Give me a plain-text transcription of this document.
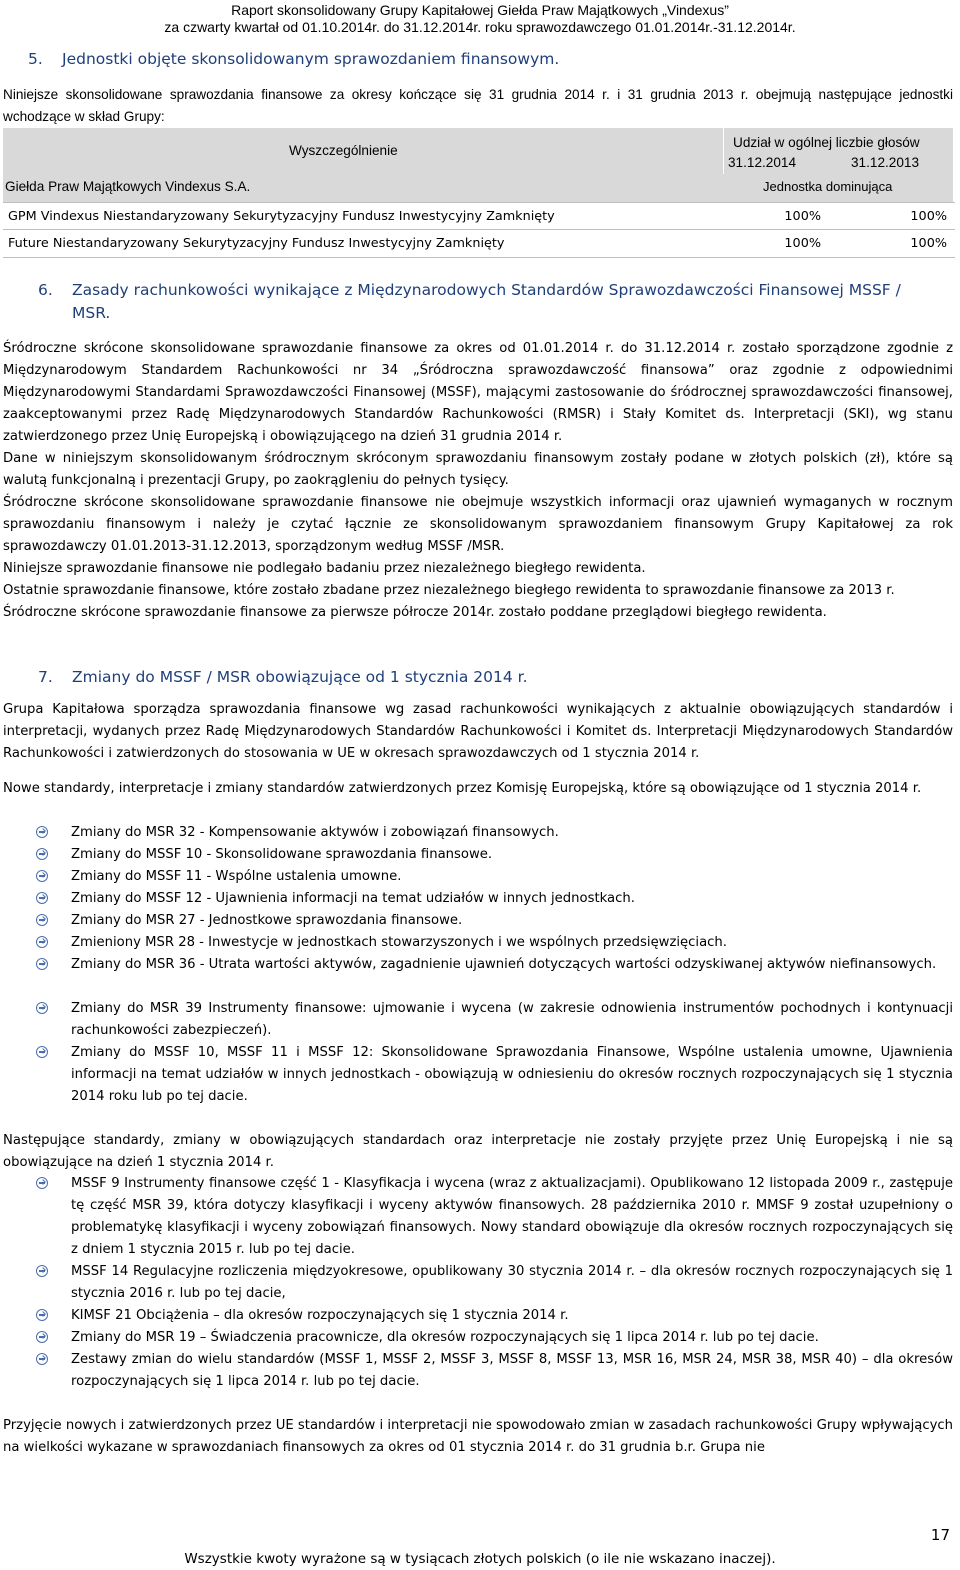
Raport skonsolidowany Grupy Kapitałowej Giełda Praw Majątkowych „Vindexus”
za czwarty kwartał od 01.10.2014r. do 31.12.2014r. roku sprawozdawczego 01.01.2014r.-31.12.2014r.
5. Jednostki objęte skonsolidowanym sprawozdaniem finansowym.
Niniejsze skonsolidowane sprawozdania finansowe za okresy kończące się 31 grudnia 2014 r. i 31 grudnia 2013 r. obejmują następujące jednostki wchodzące w skład Grupy:
Wyszczególnienie
Udział w ogólnej liczbie głosów
31.12.2014	31.12.2013
Giełda Praw Majątkowych Vindexus S.A.	Jednostka dominująca
GPM Vindexus Niestandaryzowany Sekurytyzacyjny Fundusz Inwestycyjny Zamknięty	100%	100%
Future Niestandaryzowany Sekurytyzacyjny Fundusz Inwestycyjny Zamknięty	100%	100%
6. Zasady rachunkowości wynikające z Międzynarodowych Standardów Sprawozdawczości Finansowej MSSF /
MSR.

Śródroczne skrócone skonsolidowane sprawozdanie finansowe za okres od 01.01.2014 r. do 31.12.2014 r. zostało sporządzone zgodnie z Międzynarodowym Standardem Rachunkowości nr 34 „Śródroczna sprawozdawczość finansowa” oraz zgodnie z odpowiednimi Międzynarodowymi Standardami Sprawozdawczości Finansowej (MSSF), mającymi zastosowanie do śródrocznej sprawozdawczości finansowej, zaakceptowanymi przez Radę Międzynarodowych Standardów Rachunkowości (RMSR) i Stały Komitet ds. Interpretacji (SKI), wg stanu zatwierdzonego przez Unię Europejską i obowiązującego na dzień 31 grudnia 2014 r.

Dane w niniejszym skonsolidowanym śródrocznym skróconym sprawozdaniu finansowym zostały podane w złotych polskich (zł), które są walutą funkcjonalną i prezentacji Grupy, po zaokrągleniu do pełnych tysięcy.

Śródroczne skrócone skonsolidowane sprawozdanie finansowe nie obejmuje wszystkich informacji oraz ujawnień wymaganych w rocznym sprawozdaniu finansowym i należy je czytać łącznie ze skonsolidowanym sprawozdaniem finansowym Grupy Kapitałowej za rok sprawozdawczy 01.01.2013-31.12.2013, sporządzonym według MSSF /MSR.

Niniejsze sprawozdanie finansowe nie podlegało badaniu przez niezależnego biegłego rewidenta.

Ostatnie sprawozdanie finansowe, które zostało zbadane przez niezależnego biegłego rewidenta to sprawozdanie finansowe za 2013 r.

Śródroczne skrócone sprawozdanie finansowe za pierwsze półrocze 2014r. zostało poddane przeglądowi biegłego rewidenta.

7. Zmiany do MSSF / MSR obowiązujące od 1 stycznia 2014 r.
Grupa Kapitałowa sporządza sprawozdania finansowe wg zasad rachunkowości wynikających z aktualnie obowiązujących standardów i interpretacji, wydanych przez Radę Międzynarodowych Standardów Rachunkowości i Komitet ds. Interpretacji Międzynarodowych Standardów Rachunkowości i zatwierdzonych do stosowania w UE w okresach sprawozdawczych od 1 stycznia 2014 r.
Nowe standardy, interpretacje i zmiany standardów zatwierdzonych przez Komisję Europejską, które są obowiązujące od 1 stycznia 2014 r.
Zmiany do MSR 32 - Kompensowanie aktywów i zobowiązań finansowych.
Zmiany do MSSF 10 - Skonsolidowane sprawozdania finansowe.
Zmiany do MSSF 11 - Wspólne ustalenia umowne.
Zmiany do MSSF 12 - Ujawnienia informacji na temat udziałów w innych jednostkach.
Zmiany do MSR 27 - Jednostkowe sprawozdania finansowe.
Zmieniony MSR 28 - Inwestycje w jednostkach stowarzyszonych i we wspólnych przedsięwzięciach.
Zmiany do MSR 36 - Utrata wartości aktywów, zagadnienie ujawnień dotyczących wartości odzyskiwanej aktywów niefinansowych.
Zmiany do MSR 39 Instrumenty finansowe: ujmowanie i wycena (w zakresie odnowienia instrumentów pochodnych i kontynuacji rachunkowości zabezpieczeń).
Zmiany do MSSF 10, MSSF 11 i MSSF 12: Skonsolidowane Sprawozdania Finansowe, Wspólne ustalenia umowne, Ujawnienia informacji na temat udziałów w innych jednostkach - obowiązują w odniesieniu do okresów rocznych rozpoczynających się 1 stycznia 2014 roku lub po tej dacie.
Następujące standardy, zmiany w obowiązujących standardach oraz interpretacje nie zostały przyjęte przez Unię Europejską i nie są obowiązujące na dzień 1 stycznia 2014 r.
MSSF 9 Instrumenty finansowe część 1 - Klasyfikacja i wycena (wraz z aktualizacjami). Opublikowano 12 listopada 2009 r., zastępuje tę część MSR 39, która dotyczy klasyfikacji i wyceny aktywów finansowych. 28 października 2010 r. MMSF 9 został uzupełniony o problematykę klasyfikacji i wyceny zobowiązań finansowych. Nowy standard obowiązuje dla okresów rocznych rozpoczynających się z dniem 1 stycznia 2015 r. lub po tej dacie.
MSSF 14 Regulacyjne rozliczenia międzyokresowe, opublikowany 30 stycznia 2014 r. – dla okresów rocznych rozpoczynających się 1 stycznia 2016 r. lub po tej dacie,
KIMSF 21 Obciążenia – dla okresów rozpoczynających się 1 stycznia 2014 r.
Zmiany do MSR 19 – Świadczenia pracownicze, dla okresów rozpoczynających się 1 lipca 2014 r. lub po tej dacie.
Zestawy zmian do wielu standardów (MSSF 1, MSSF 2, MSSF 3, MSSF 8, MSSF 13, MSR 16, MSR 24, MSR 38, MSR 40) – dla okresów rozpoczynających się 1 lipca 2014 r. lub po tej dacie.
Przyjęcie nowych i zatwierdzonych przez UE standardów i interpretacji nie spowodowało zmian w zasadach rachunkowości Grupy wpływających na wielkości wykazane w sprawozdaniach finansowych za okres od 01 stycznia 2014 r. do 31 grudnia b.r. Grupa nie
17
Wszystkie kwoty wyrażone są w tysiącach złotych polskich (o ile nie wskazano inaczej).
